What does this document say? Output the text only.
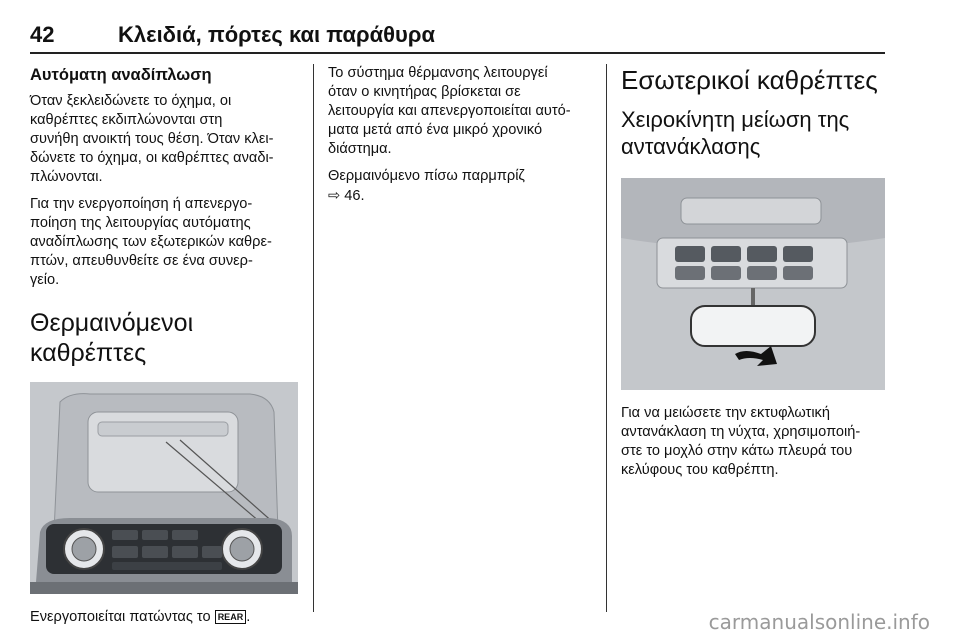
42	Κλειδιά, πόρτες και παράθυρα
Αυτόματη αναδίπλωση

Όταν ξεκλειδώνετε το όχημα, οι
καθρέπτες εκδιπλώνονται στη
συνήθη ανοικτή τους θέση. Όταν κλει‐
δώνετε το όχημα, οι καθρέπτες αναδι‐
πλώνονται.

Για την ενεργοποίηση ή απενεργο‐
ποίηση της λειτουργίας αυτόματης
αναδίπλωσης των εξωτερικών καθρε‐
πτών, απευθυνθείτε σε ένα συνερ‐
γείο.

Θερμαινόμενοι καθρέπτες

Ενεργοποιείται πατώντας το REAR .

Το σύστημα θέρμανσης λειτουργεί
όταν ο κινητήρας βρίσκεται σε
λειτουργία και απενεργοποιείται αυτό‐
ματα μετά από ένα μικρό χρονικό
διάστημα.

Θερμαινόμενο πίσω παρμπρίζ
⇨ 46.

Εσωτερικοί καθρέπτες
Χειροκίνητη μείωση της
αντανάκλασης

Για να μειώσετε την εκτυφλωτική
αντανάκλαση τη νύχτα, χρησιμοποιή‐
στε το μοχλό στην κάτω πλευρά του
κελύφους του καθρέπτη.

carmanualsonline.info
